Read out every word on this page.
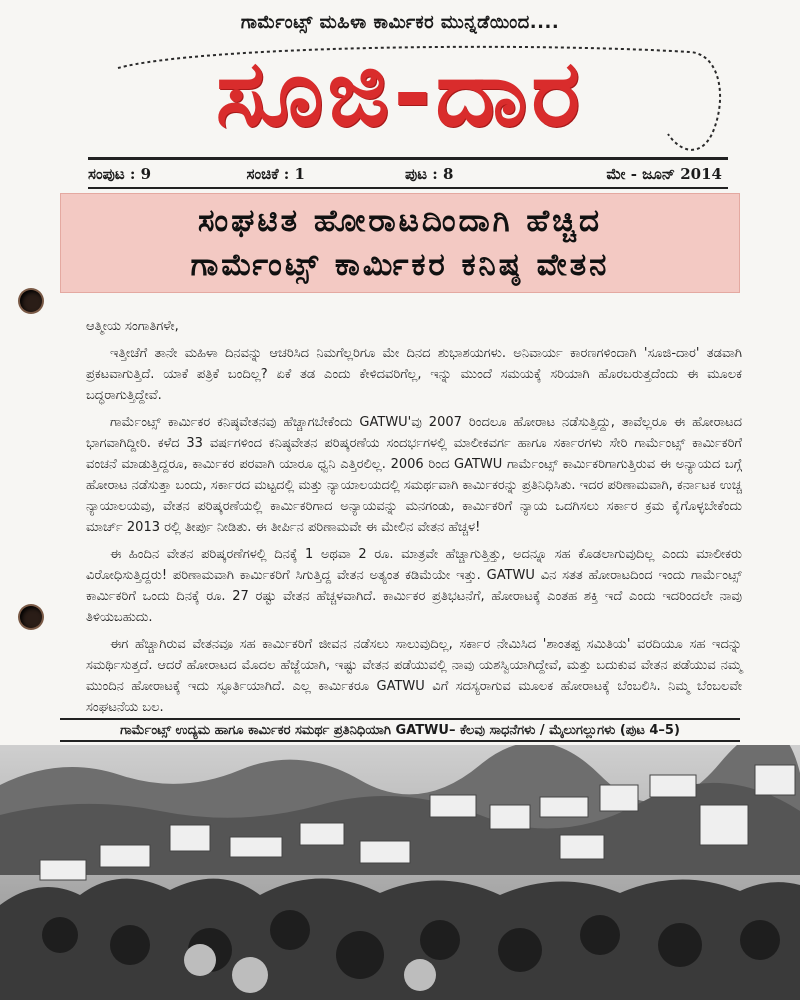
ಗಾರ್ಮೆಂಟ್ಸ್ ಮಹಿಳಾ ಕಾರ್ಮಿಕರ ಮುನ್ನಡೆಯಿಂದ....
ಸೂಜಿ-ದಾರ
ಸಂಪುಟ : 9	ಸಂಚಿಕೆ : 1	ಪುಟ : 8	ಮೇ - ಜೂನ್ 2014
ಸಂಘಟಿತ ಹೋರಾಟದಿಂದಾಗಿ ಹೆಚ್ಚಿದ
ಗಾರ್ಮೆಂಟ್ಸ್ ಕಾರ್ಮಿಕರ ಕನಿಷ್ಠ ವೇತನ
ಆತ್ಮೀಯ ಸಂಗಾತಿಗಳೇ,

ಇತ್ತೀಚೆಗೆ ತಾನೇ ಮಹಿಳಾ ದಿನವನ್ನು ಆಚರಿಸಿದ ನಿಮಗೆಲ್ಲರಿಗೂ ಮೇ ದಿನದ ಶುಭಾಶಯಗಳು. ಅನಿವಾರ್ಯ ಕಾರಣಗಳಿಂದಾಗಿ 'ಸೂಜಿ-ದಾರ' ತಡವಾಗಿ ಪ್ರಕಟವಾಗುತ್ತಿದೆ. ಯಾಕೆ ಪತ್ರಿಕೆ ಬಂದಿಲ್ಲ? ಏಕೆ ತಡ ಎಂದು ಕೇಳಿದವರಿಗೆಲ್ಲ, ಇನ್ನು ಮುಂದೆ ಸಮಯಕ್ಕೆ ಸರಿಯಾಗಿ ಹೊರಬರುತ್ತದೆಂದು ಈ ಮೂಲಕ ಬದ್ಧರಾಗುತ್ತಿದ್ದೇವೆ.

ಗಾರ್ಮೆಂಟ್ಸ್ ಕಾರ್ಮಿಕರ ಕನಿಷ್ಠವೇತನವು ಹೆಚ್ಚಾಗಬೇಕೆಂದು GATWU'ವು 2007 ರಿಂದಲೂ ಹೋರಾಟ ನಡೆಸುತ್ತಿದ್ದು, ತಾವೆಲ್ಲರೂ ಈ ಹೋರಾಟದ ಭಾಗವಾಗಿದ್ದೀರಿ. ಕಳೆದ 33 ವರ್ಷಗಳಿಂದ ಕನಿಷ್ಠವೇತನ ಪರಿಷ್ಕರಣೆಯ ಸಂದರ್ಭಗಳಲ್ಲಿ ಮಾಲೀಕವರ್ಗ ಹಾಗೂ ಸರ್ಕಾರಗಳು ಸೇರಿ ಗಾರ್ಮೆಂಟ್ಸ್ ಕಾರ್ಮಿಕರಿಗೆ ವಂಚನೆ ಮಾಡುತ್ತಿದ್ದರೂ, ಕಾರ್ಮಿಕರ ಪರವಾಗಿ ಯಾರೂ ಧ್ವನಿ ಎತ್ತಿರಲಿಲ್ಲ. 2006 ರಿಂದ GATWU ಗಾರ್ಮೆಂಟ್ಸ್ ಕಾರ್ಮಿಕರಿಗಾಗುತ್ತಿರುವ ಈ ಅನ್ಯಾಯದ ಬಗ್ಗೆ ಹೋರಾಟ ನಡೆಸುತ್ತಾ ಬಂದು, ಸರ್ಕಾರದ ಮಟ್ಟದಲ್ಲಿ ಮತ್ತು ನ್ಯಾಯಾಲಯದಲ್ಲಿ ಸಮರ್ಥವಾಗಿ ಕಾರ್ಮಿಕರನ್ನು ಪ್ರತಿನಿಧಿಸಿತು. ಇದರ ಪರಿಣಾಮವಾಗಿ, ಕರ್ನಾಟಕ ಉಚ್ಚ ನ್ಯಾಯಾಲಯವು, ವೇತನ ಪರಿಷ್ಕರಣೆಯಲ್ಲಿ ಕಾರ್ಮಿಕರಿಗಾದ ಅನ್ಯಾಯವನ್ನು ಮನಗಂಡು, ಕಾರ್ಮಿಕರಿಗೆ ನ್ಯಾಯ ಒದಗಿಸಲು ಸರ್ಕಾರ ಕ್ರಮ ಕೈಗೊಳ್ಳಬೇಕೆಂದು ಮಾರ್ಚ್ 2013 ರಲ್ಲಿ ತೀರ್ಪು ನೀಡಿತು. ಈ ತೀರ್ಪಿನ ಪರಿಣಾಮವೇ ಈ ಮೇಲಿನ ವೇತನ ಹೆಚ್ಚಳ!

ಈ ಹಿಂದಿನ ವೇತನ ಪರಿಷ್ಕರಣೆಗಳಲ್ಲಿ ದಿನಕ್ಕೆ 1 ಅಥವಾ 2 ರೂ. ಮಾತ್ರವೇ ಹೆಚ್ಚಾಗುತ್ತಿತ್ತು, ಅದನ್ನೂ ಸಹ ಕೊಡಲಾಗುವುದಿಲ್ಲ ಎಂದು ಮಾಲೀಕರು ವಿರೋಧಿಸುತ್ತಿದ್ದರು! ಪರಿಣಾಮವಾಗಿ ಕಾರ್ಮಿಕರಿಗೆ ಸಿಗುತ್ತಿದ್ದ ವೇತನ ಅತ್ಯಂತ ಕಡಿಮೆಯೇ ಇತ್ತು. GATWU ವಿನ ಸತತ ಹೋರಾಟದಿಂದ ಇಂದು ಗಾರ್ಮೆಂಟ್ಸ್ ಕಾರ್ಮಿಕರಿಗೆ ಒಂದು ದಿನಕ್ಕೆ ರೂ. 27 ರಷ್ಟು ವೇತನ ಹೆಚ್ಚಳವಾಗಿದೆ. ಕಾರ್ಮಿಕರ ಪ್ರತಿಭಟನೆಗೆ, ಹೋರಾಟಕ್ಕೆ ಎಂತಹ ಶಕ್ತಿ ಇದೆ ಎಂದು ಇದರಿಂದಲೇ ನಾವು ತಿಳಿಯಬಹುದು.

ಈಗ ಹೆಚ್ಚಾಗಿರುವ ವೇತನವೂ ಸಹ ಕಾರ್ಮಿಕರಿಗೆ ಜೀವನ ನಡೆಸಲು ಸಾಲುವುದಿಲ್ಲ, ಸರ್ಕಾರ ನೇಮಿಸಿದ 'ಶಾಂತಪ್ಪ ಸಮಿತಿಯ' ವರದಿಯೂ ಸಹ ಇದನ್ನು ಸಮರ್ಥಿಸುತ್ತದೆ. ಆದರೆ ಹೋರಾಟದ ಮೊದಲ ಹೆಜ್ಜೆಯಾಗಿ, ಇಷ್ಟು ವೇತನ ಪಡೆಯುವಲ್ಲಿ ನಾವು ಯಶಸ್ವಿಯಾಗಿದ್ದೇವೆ, ಮತ್ತು ಬದುಕುವ ವೇತನ ಪಡೆಯುವ ನಮ್ಮ ಮುಂದಿನ ಹೋರಾಟಕ್ಕೆ ಇದು ಸ್ಫೂರ್ತಿಯಾಗಿದೆ. ಎಲ್ಲ ಕಾರ್ಮಿಕರೂ GATWU ವಿಗೆ ಸದಸ್ಯರಾಗುವ ಮೂಲಕ ಹೋರಾಟಕ್ಕೆ ಬೆಂಬಲಿಸಿ. ನಿಮ್ಮ ಬೆಂಬಲವೇ ಸಂಘಟನೆಯ ಬಲ.

ಗಾರ್ಮೆಂಟ್ಸ್ ಉದ್ಯಮ ಹಾಗೂ ಕಾರ್ಮಿಕರ ಸಮರ್ಥ ಪ್ರತಿನಿಧಿಯಾಗಿ GATWU– ಕೆಲವು ಸಾಧನೆಗಳು / ಮೈಲುಗಲ್ಲುಗಳು (ಪುಟ 4–5)
